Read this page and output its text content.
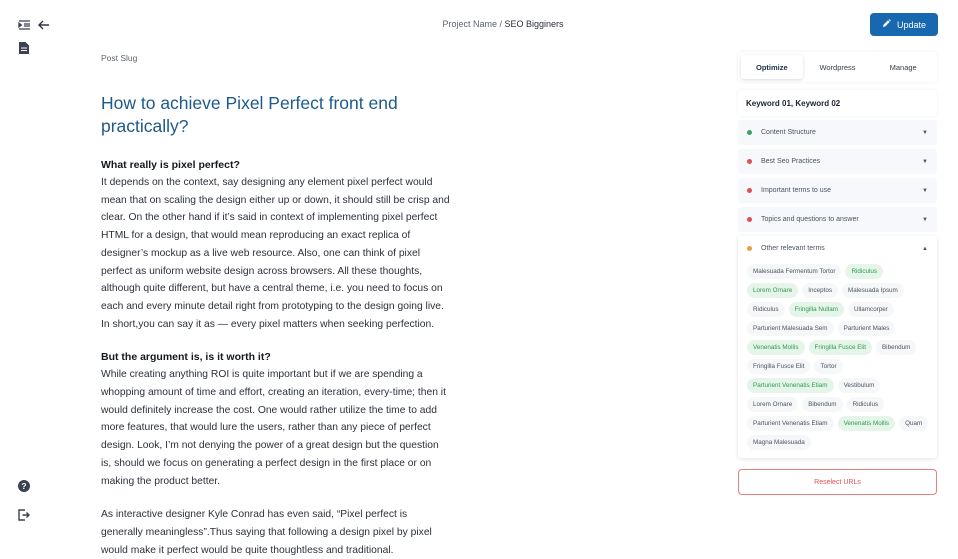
?
Project Name / SEO Bigginers	Update
Post Slug
How to achieve Pixel Perfect front end practically?
What really is pixel perfect?

It depends on the context, say designing any element pixel perfect would mean that on scaling the design either up or down, it should still be crisp and clear. On the other hand if it’s said in context of implementing pixel perfect HTML for a design, that would mean reproducing an exact replica of designer’s mockup as a live web resource. Also, one can think of pixel perfect as uniform website design across browsers. All these thoughts, although quite different, but have a central theme, i.e. you need to focus on each and every minute detail right from prototyping to the design going live. In short,you can say it as — every pixel matters when seeking perfection.

But the argument is, is it worth it?

While creating anything ROI is quite important but if we are spending a whopping amount of time and effort, creating an iteration, every-time; then it would definitely increase the cost. One would rather utilize the time to add more features, that would lure the users, rather than any piece of perfect design. Look, I’m not denying the power of a great design but the question is, should we focus on generating a perfect design in the first place or on making the product better.

As interactive designer Kyle Conrad has even said, “Pixel perfect is generally meaningless”.Thus saying that following a design pixel by pixel would make it perfect would be quite thoughtless and traditional.

Optimize	Wordpress	Manage
Keyword 01, Keyword 02
Content Structure	▼
Best Seo Practices	▼
Important terms to use	▼
Topics and questions to answer	▼
Other relevant terms	▲
Malesuada Fermentum Tortor	Ridiculus
Lorem Ornare	Inceptos	Malesuada Ipsum
Ridiculus	Fringilla Nullam	Ullamcorper
Parturient Malesuada Sem	Parturient Males
Venenatis Mollis	Fringilla Fusce Elit	Bibendum
Fringilla Fusce Elit	Tortor
Parturient Venenatis Etiam	Vestibulum
Lorem Ornare	Bibendum	Ridiculus
Parturient Venenatis Etiam	Venenatis Mollis	Quam
Magna Malesuada
Reselect URLs
